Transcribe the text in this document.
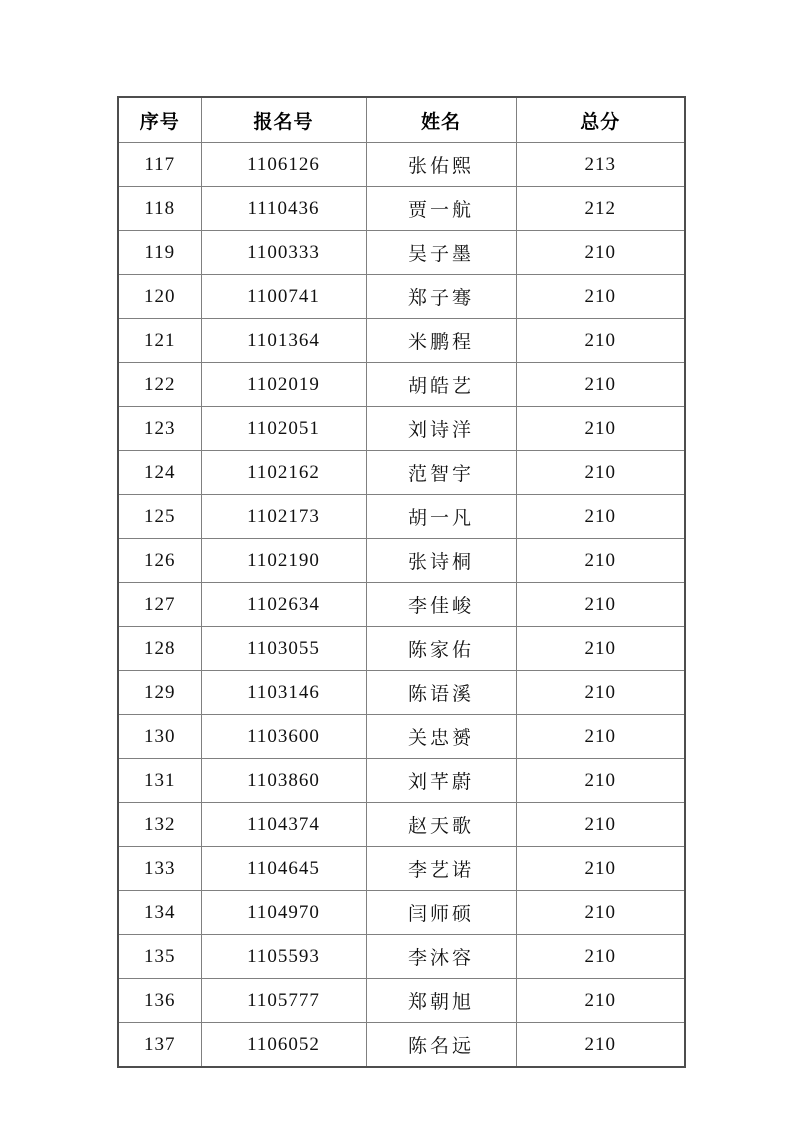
序号	报名号	姓名	总分
117	1106126	张佑熙	213
118	1110436	贾一航	212
119	1100333	吴子墨	210
120	1100741	郑子骞	210
121	1101364	米鹏程	210
122	1102019	胡皓艺	210
123	1102051	刘诗洋	210
124	1102162	范智宇	210
125	1102173	胡一凡	210
126	1102190	张诗桐	210
127	1102634	李佳峻	210
128	1103055	陈家佑	210
129	1103146	陈语溪	210
130	1103600	关忠赟	210
131	1103860	刘芊蔚	210
132	1104374	赵天歌	210
133	1104645	李艺诺	210
134	1104970	闫师硕	210
135	1105593	李沐容	210
136	1105777	郑朝旭	210
137	1106052	陈名远	210
